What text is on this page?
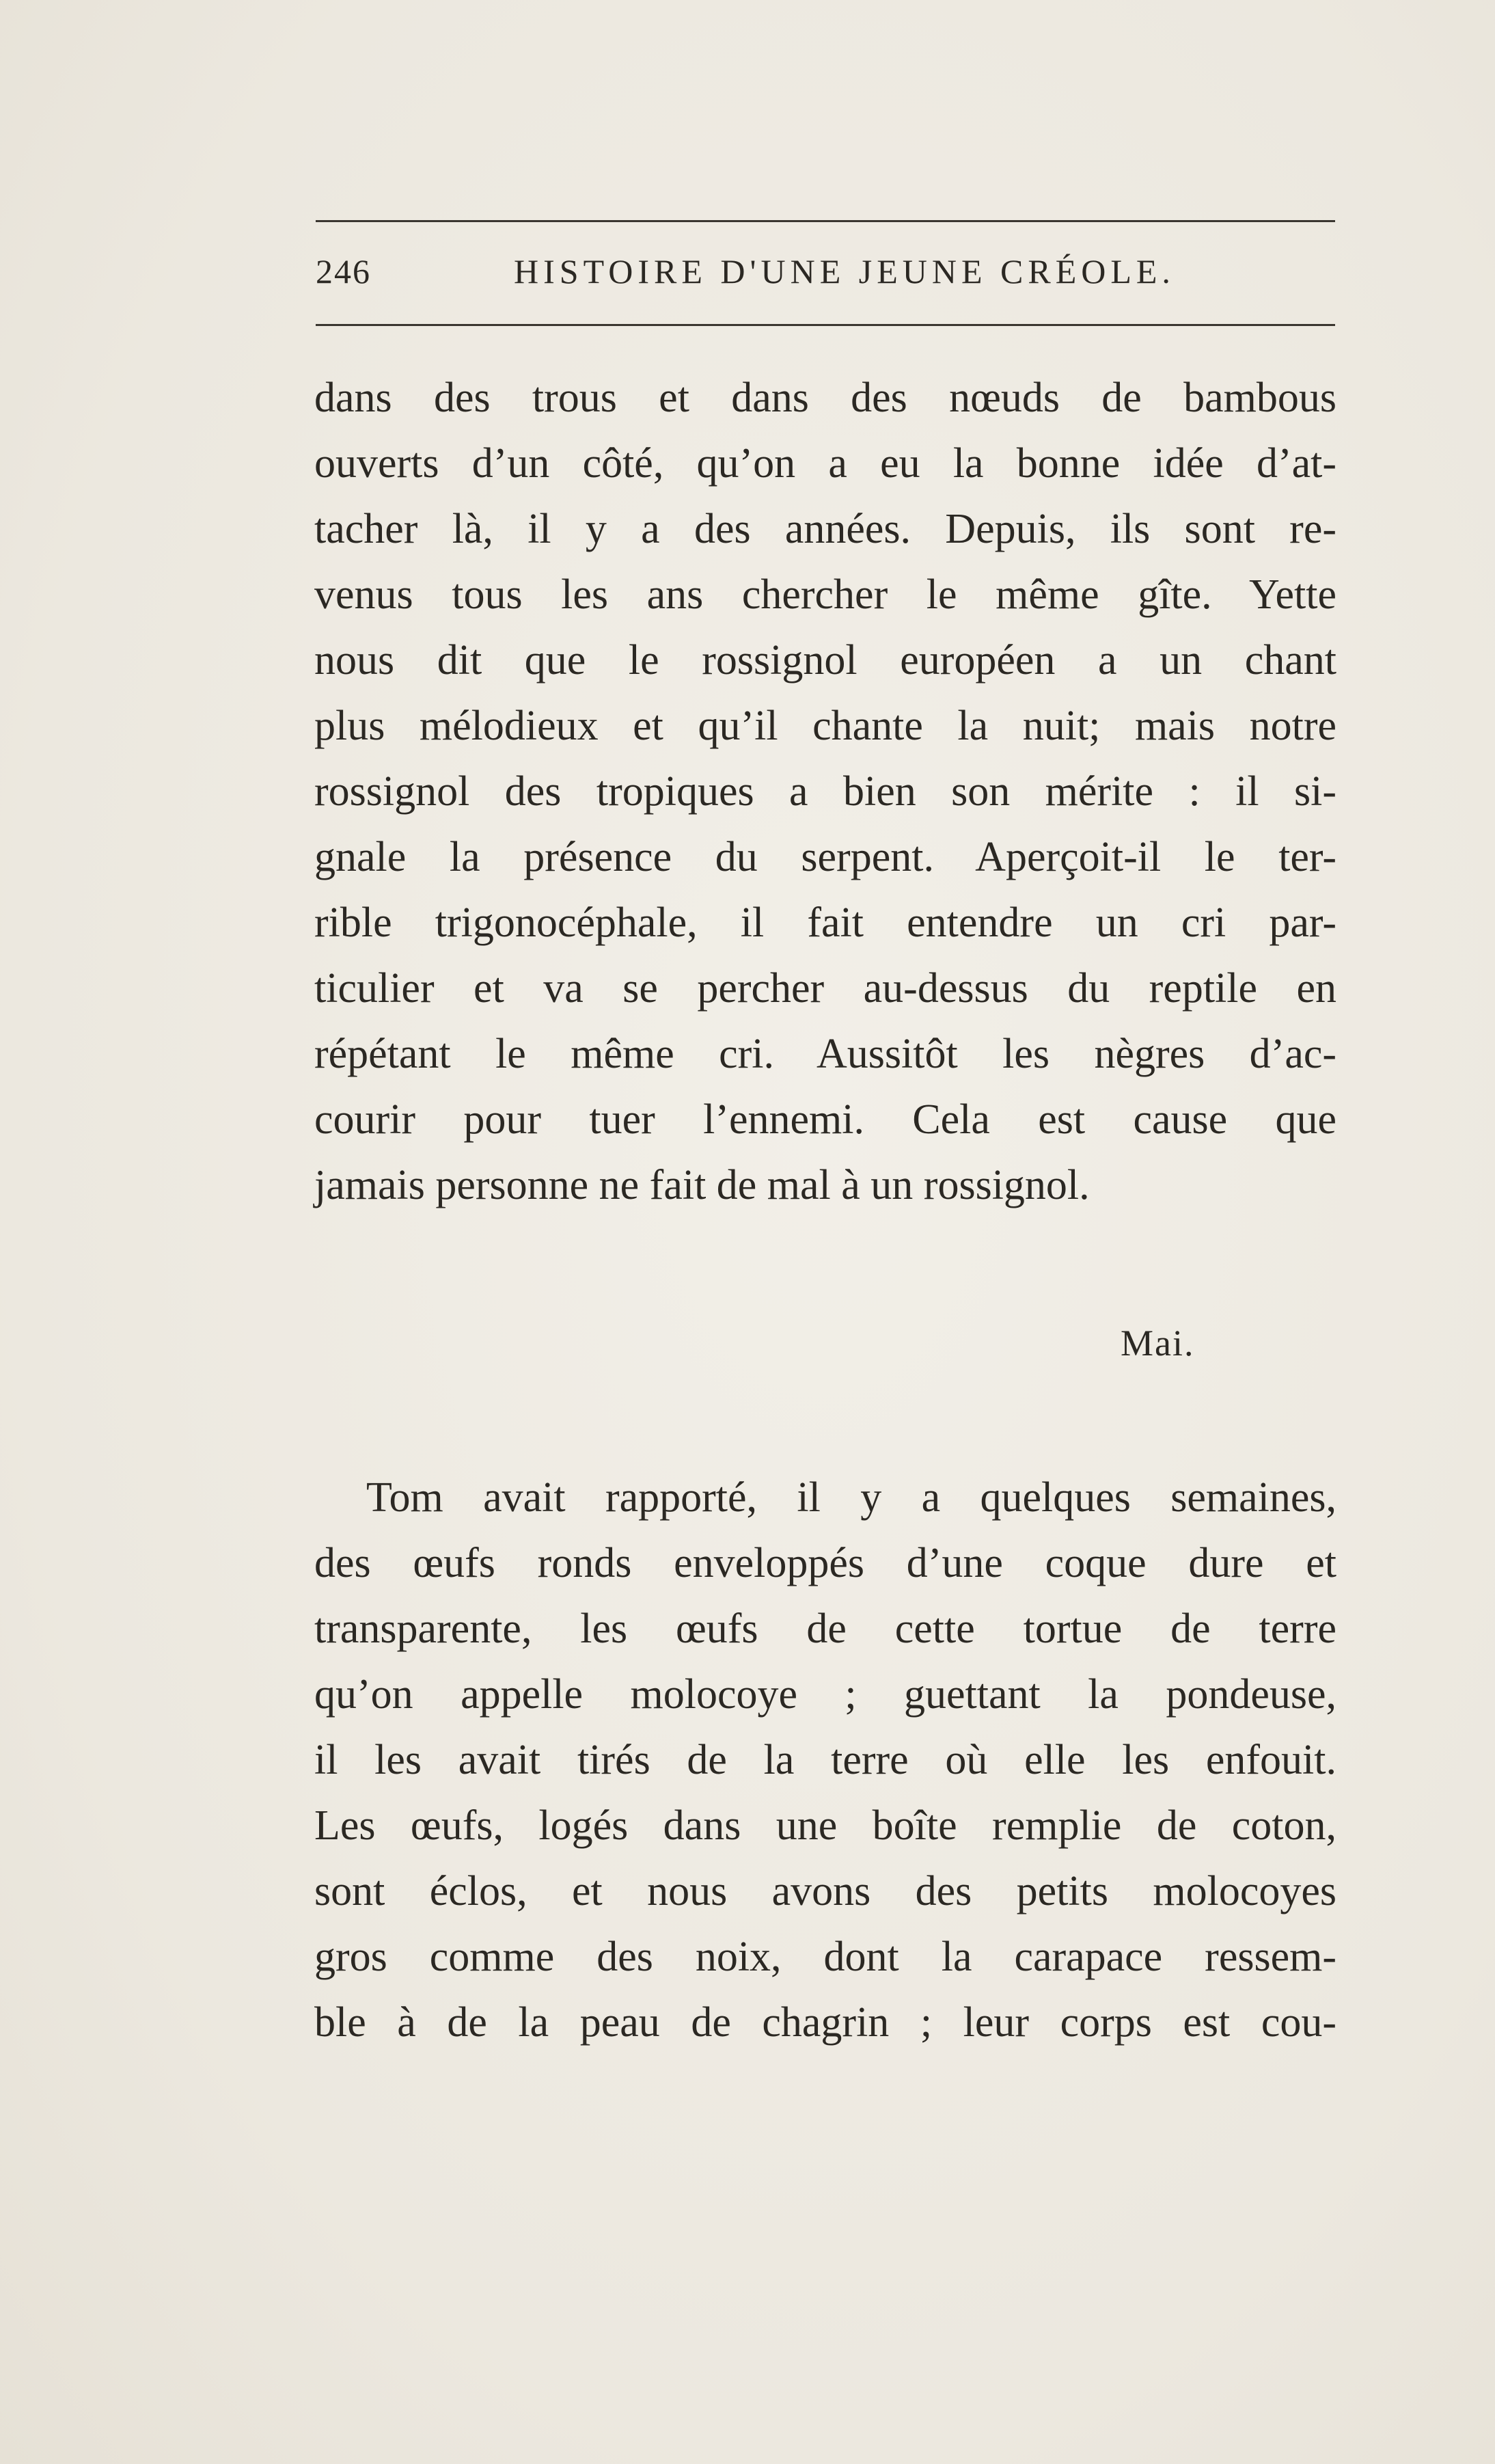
246	HISTOIRE D'UNE JEUNE CRÉOLE.
dans des trous et dans des nœuds de bambous
ouverts d’un côté, qu’on a eu la bonne idée d’at-
tacher là, il y a des années. Depuis, ils sont re-
venus tous les ans chercher le même gîte. Yette
nous dit que le rossignol européen a un chant
plus mélodieux et qu’il chante la nuit; mais notre
rossignol des tropiques a bien son mérite : il si-
gnale la présence du serpent. Aperçoit-il le ter-
rible trigonocéphale, il fait entendre un cri par-
ticulier et va se percher au-dessus du reptile en
répétant le même cri. Aussitôt les nègres d’ac-
courir pour tuer l’ennemi. Cela est cause que
jamais personne ne fait de mal à un rossignol.
Mai.
Tom avait rapporté, il y a quelques semaines,
des œufs ronds enveloppés d’une coque dure et
transparente, les œufs de cette tortue de terre
qu’on appelle molocoye ; guettant la pondeuse,
il les avait tirés de la terre où elle les enfouit.
Les œufs, logés dans une boîte remplie de coton,
sont éclos, et nous avons des petits molocoyes
gros comme des noix, dont la carapace ressem-
ble à de la peau de chagrin ; leur corps est cou-
